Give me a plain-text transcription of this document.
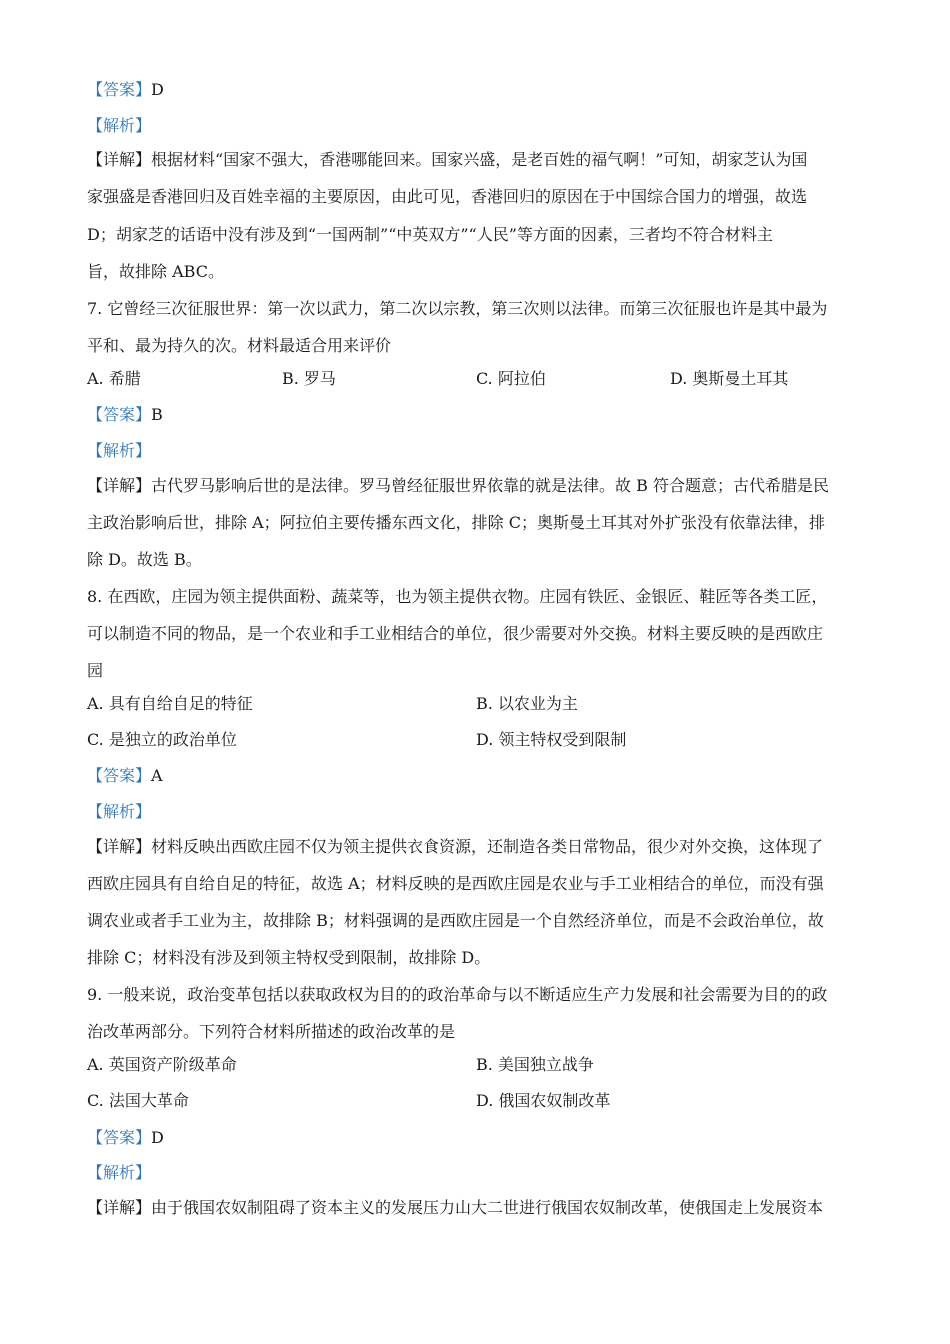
【答案】D
【解析】
【详解】根据材料“国家不强大，香港哪能回来。国家兴盛，是老百姓的福气啊！”可知，胡家芝认为国
家强盛是香港回归及百姓幸福的主要原因，由此可见，香港回归的原因在于中国综合国力的增强，故选
D；胡家芝的话语中没有涉及到“一国两制”“中英双方”“人民”等方面的因素，三者均不符合材料主
旨，故排除 ABC。
7. 它曾经三次征服世界：第一次以武力，第二次以宗教，第三次则以法律。而第三次征服也许是其中最为
平和、最为持久的次。材料最适合用来评价
A. 希腊	B. 罗马	C. 阿拉伯	D. 奥斯曼土耳其
【答案】B
【解析】
【详解】古代罗马影响后世的是法律。罗马曾经征服世界依靠的就是法律。故 B 符合题意；古代希腊是民
主政治影响后世，排除 A；阿拉伯主要传播东西文化，排除 C；奥斯曼土耳其对外扩张没有依靠法律，排
除 D。故选 B。
8. 在西欧，庄园为领主提供面粉、蔬菜等，也为领主提供衣物。庄园有铁匠、金银匠、鞋匠等各类工匠，
可以制造不同的物品，是一个农业和手工业相结合的单位，很少需要对外交换。材料主要反映的是西欧庄
园
A. 具有自给自足的特征	B. 以农业为主
C. 是独立的政治单位	D. 领主特权受到限制
【答案】A
【解析】
【详解】材料反映出西欧庄园不仅为领主提供衣食资源，还制造各类日常物品，很少对外交换，这体现了
西欧庄园具有自给自足的特征，故选 A；材料反映的是西欧庄园是农业与手工业相结合的单位，而没有强
调农业或者手工业为主，故排除 B；材料强调的是西欧庄园是一个自然经济单位，而是不会政治单位，故
排除 C；材料没有涉及到领主特权受到限制，故排除 D。
9. 一般来说，政治变革包括以获取政权为目的的政治革命与以不断适应生产力发展和社会需要为目的的政
治改革两部分。下列符合材料所描述的政治改革的是
A. 英国资产阶级革命	B. 美国独立战争
C. 法国大革命	D. 俄国农奴制改革
【答案】D
【解析】
【详解】由于俄国农奴制阻碍了资本主义的发展压力山大二世进行俄国农奴制改革，使俄国走上发展资本
